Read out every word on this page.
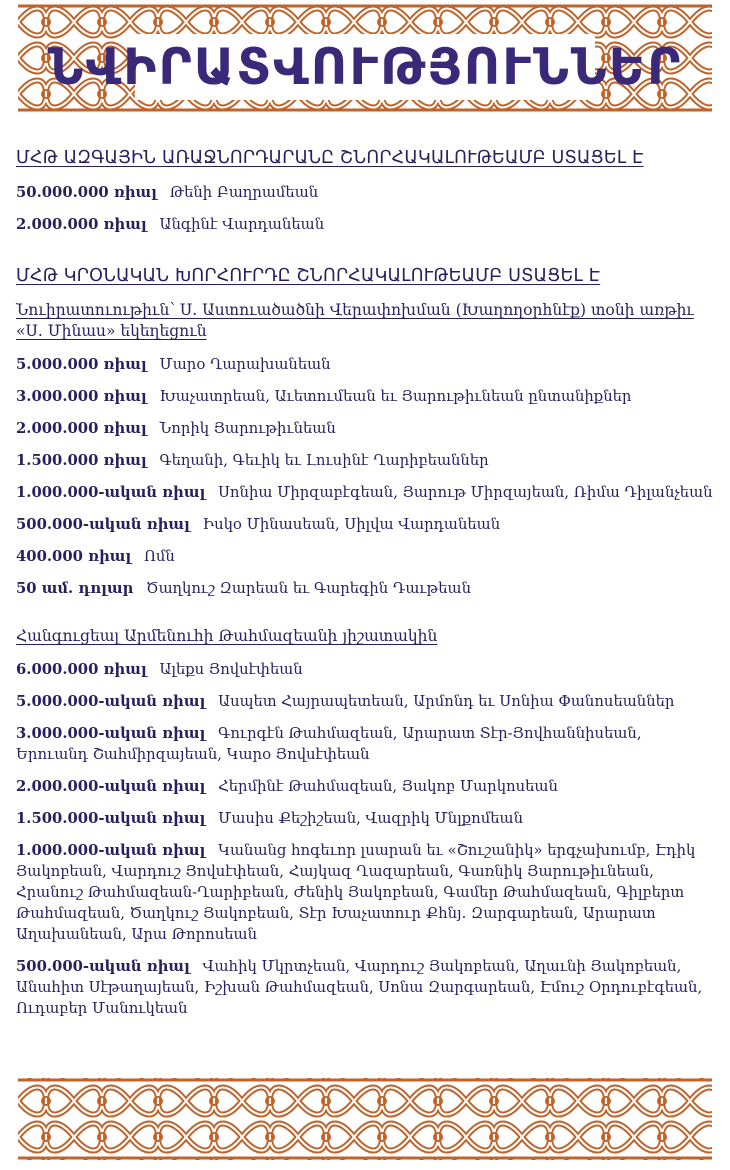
ՆՎԻՐԱՏՎՈՒԹՅՈՒՆՆԵՐ
ՄՀԹ ԱԶԳԱՅԻՆ ԱՌԱՋՆՈՐԴԱՐԱՆԸ ՇՆՈՐՀԱԿԱԼՈՒԹԵԱՄԲ ՍՏԱՑԵԼ Է
50.000.000 ռիալ Թենի Բաղրամեան
2.000.000 ռիալ Անգինէ Վարդանեան
ՄՀԹ ԿՐՕՆԱԿԱՆ ԽՈՐՀՈՒՐԴԸ ՇՆՈՐՀԱԿԱԼՈՒԹԵԱՄԲ ՍՏԱՑԵԼ Է
Նուիրատուութիւն՝ Ս. Աստուածածնի Վերափոխման (Խաղողօրհնէք) տօնի առթիւ «Ս. Մինաս» եկեղեցուն
5.000.000 ռիալ Մարօ Ղարախանեան
3.000.000 ռիալ Խաչատրեան, Աւետումեան եւ Յարութիւնեան ընտանիքներ
2.000.000 ռիալ Նորիկ Յարութիւնեան
1.500.000 ռիալ Գեղանի, Գեւիկ եւ Լուսինէ Ղարիբեաններ
1.000.000-ական ռիալ Սոնիա Միրզաբէգեան, Յարութ Միրզայեան, Ռիմա Դիլանչեան
500.000-ական ռիալ Իսկօ Մինասեան, Սիլվա Վարդանեան
400.000 ռիալ Ոմն
50 ամ. դոլար Ծաղկուշ Զարեան եւ Գարեգին Դաւթեան
Հանգուցեալ Արմենուհի Թահմազեանի յիշատակին
6.000.000 ռիալ Ալեքս Յովսէփեան
5.000.000-ական ռիալ Ասպետ Հայրապետեան, Արմոնդ եւ Սոնիա Փանոսեաններ
3.000.000-ական ռիալ Գուրգէն Թահմազեան, Արարատ Տէր-Յովհաննիսեան, Երուանդ Շահմիրզայեան, Կարօ Յովսէփեան
2.000.000-ական ռիալ Հերմինէ Թահմազեան, Յակոբ Մարկոսեան
1.500.000-ական ռիալ Մասիս Քեշիշեան, Վազրիկ Մնլքոմեան
1.000.000-ական ռիալ Կանանց հոգեւոր լսարան եւ «Շուշանիկ» երգչախումբ, Էդիկ Յակոբեան, Վարդուշ Յովսէփեան, Հայկազ Ղազարեան, Գառնիկ Յարութիւնեան, Հրանուշ Թահմազեան-Ղարիբեան, Ժենիկ Յակոբեան, Գամեր Թահմազեան, Գիլբերտ Թահմազեան, Ծաղկուշ Յակոբեան, Տէր Խաչատուր Քհնյ. Զարգարեան, Արարատ Աղախանեան, Արա Թորոսեան
500.000-ական ռիալ Վաhիկ Մկրտչեան, Վարդուշ Յակոբեան, Աղաւնի Յակոբեան, Անահիտ Սէթաղայեան, Իշխան Թահմազեան, Սոնա Զարգարեան, Էմուշ Օրդուբէգեան, Ուդաբեր Մանուկեան
